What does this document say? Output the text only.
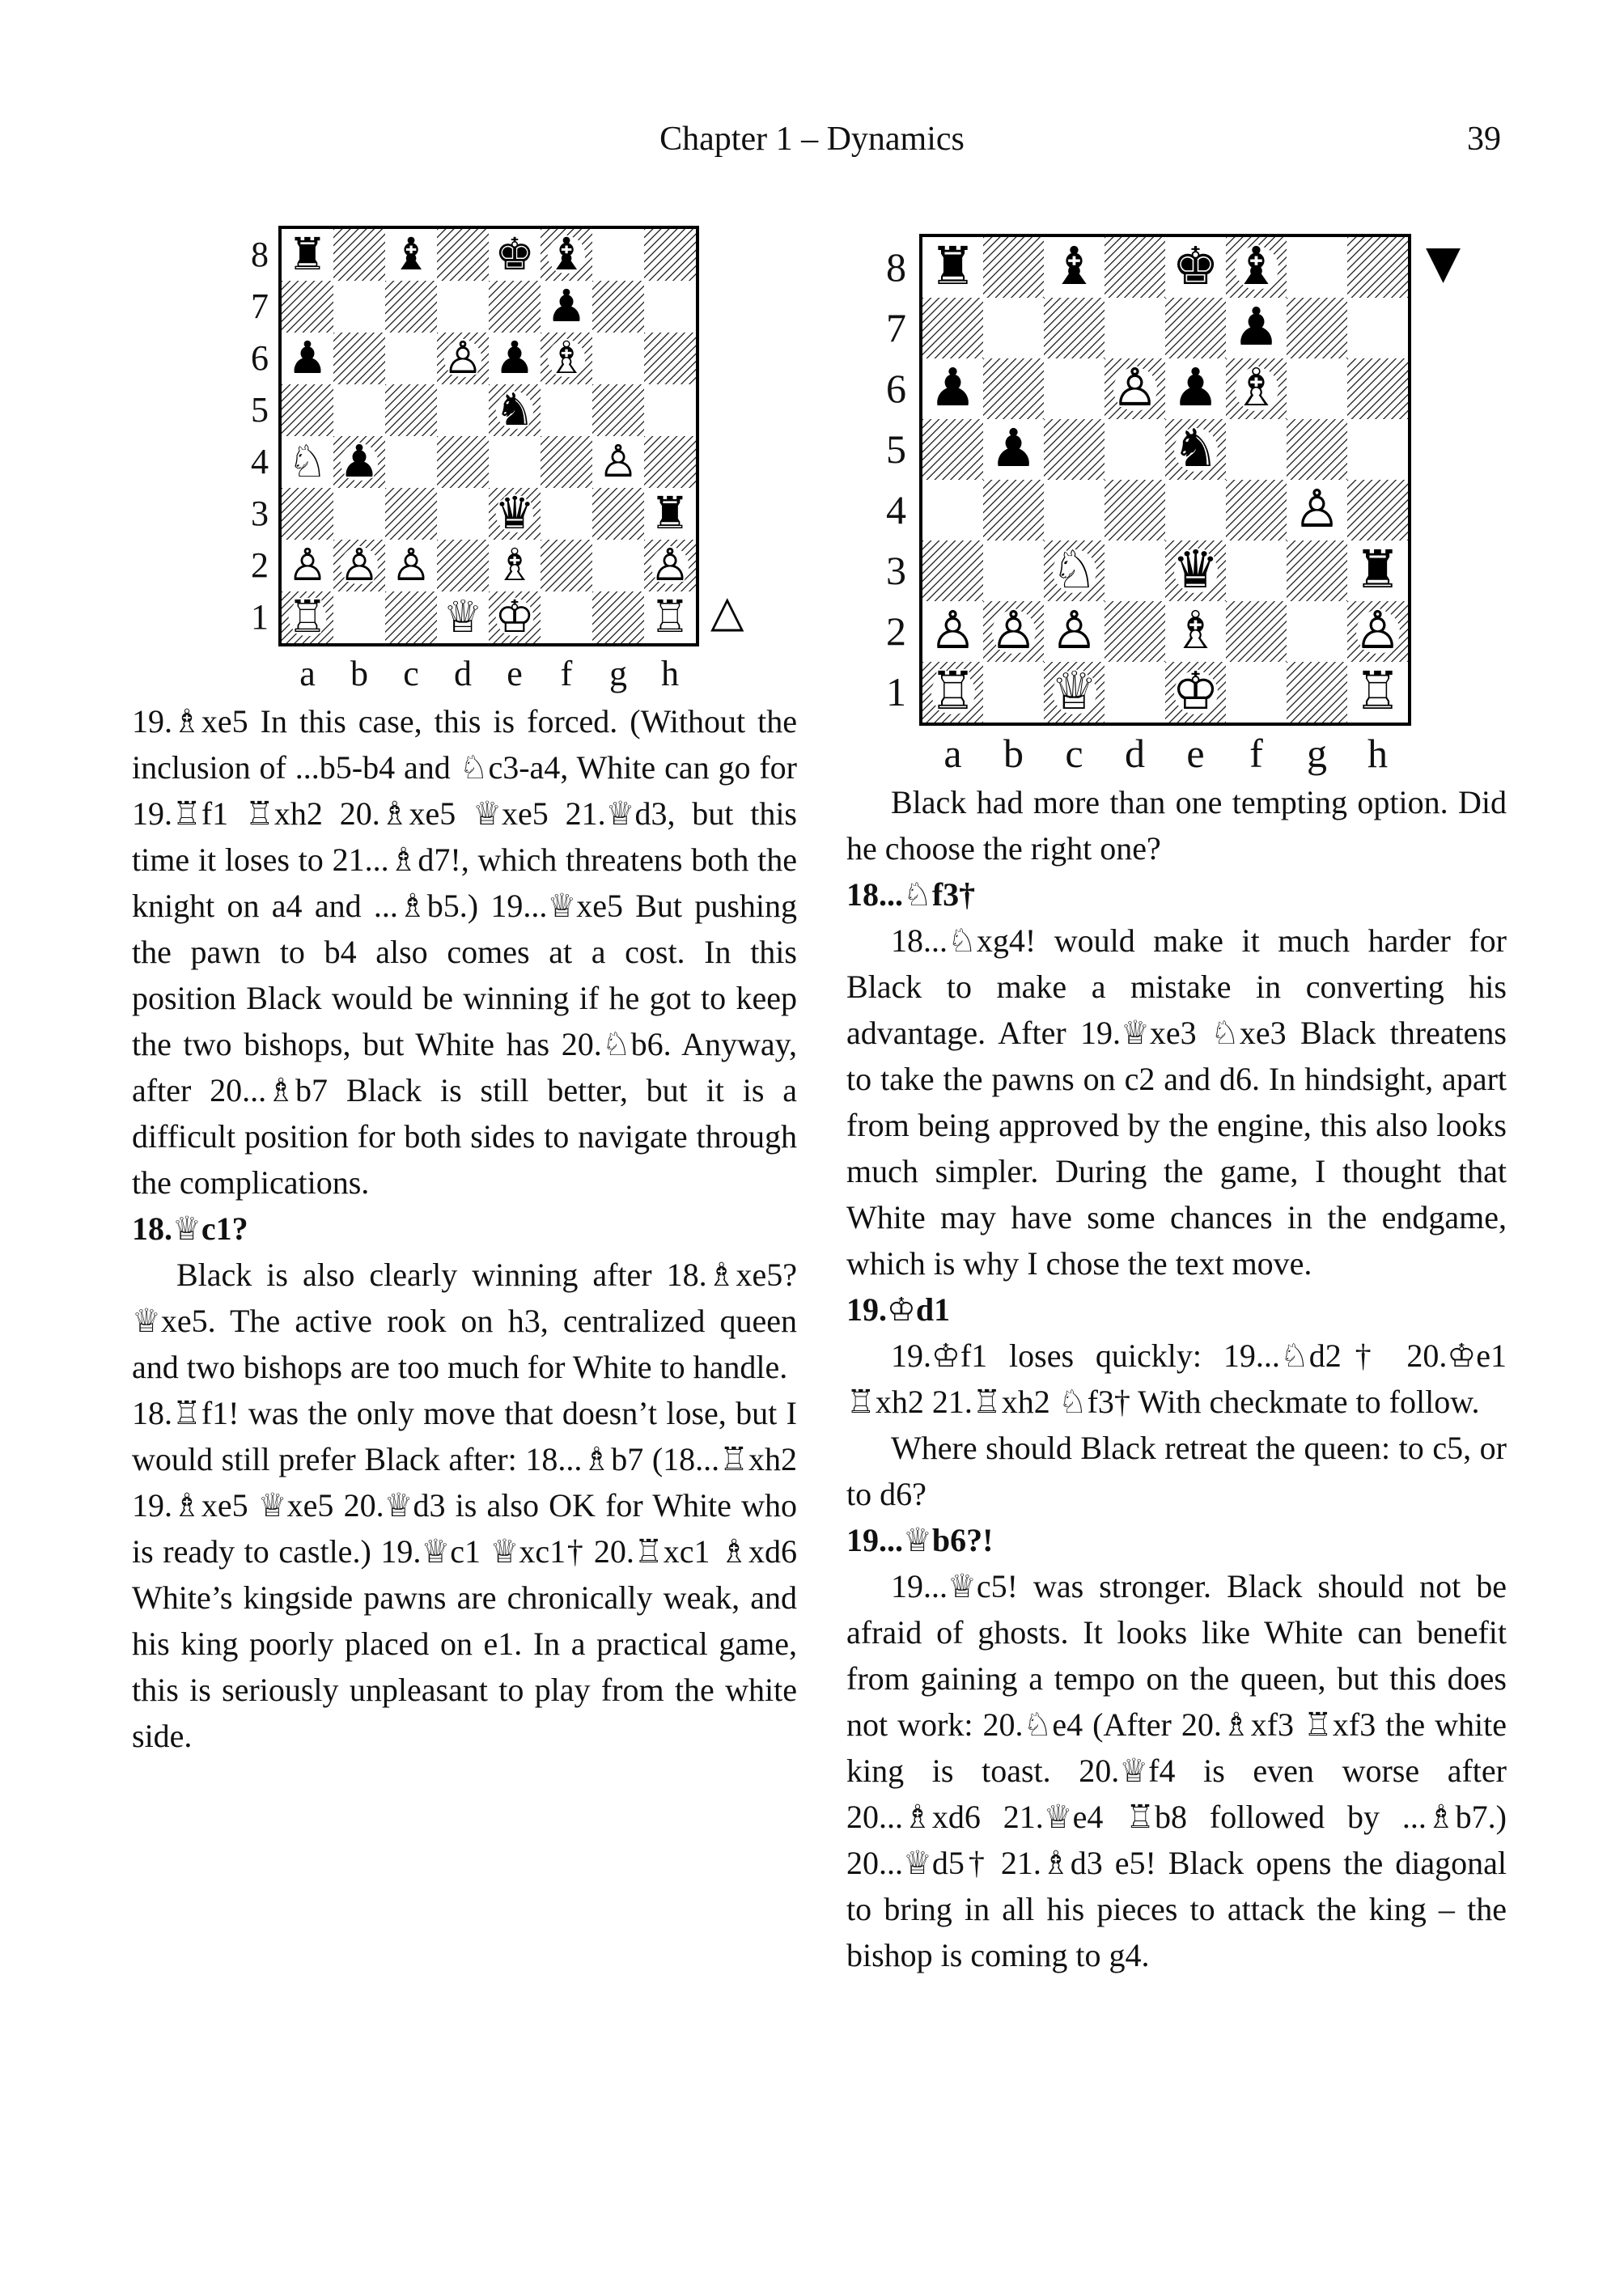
Chapter 1 – Dynamics	39
8
7
6
5
4
3
2
1
♜ ♝ ♚ ♝
♟
♟	♙ ♟ ♗
♞
♘ ♟	♙
♛	♜
♙ ♙ ♙ ♗	♙
♖	♕ ♔	♖
a b c d e	f	g h
△
8
7
6
5
4
3
2
1
♜ ♝ ♚ ♝
♟
♟	♙ ♟ ♗
♟	♞
♙
♘ ♛	♜
♙ ♙ ♙ ♗	♙
♖ ♕ ♔	♖
a	b	c	d	e	f	g	h
▼

19.♗xe5 In this case, this is forced. (Without the inclusion of ...b5-b4 and ♘c3-a4, White can go for 19.♖f1 ♖xh2 20.♗xe5 ♕xe5 21.♕d3, but this time it loses to 21...♗d7!, which threatens both the knight on a4 and ...♗b5.) 19...♕xe5 But pushing the pawn to b4 also comes at a cost. In this position Black would be winning if he got to keep the two bishops, but White has 20.♘b6. Anyway, after 20...♗b7 Black is still better, but it is a difficult position for both sides to navigate through the complications.

18.♕c1?

Black is also clearly winning after 18.♗xe5? ♕xe5. The active rook on h3, centralized queen and two bishops are too much for White to handle.

18.♖f1! was the only move that doesn’t lose, but I would still prefer Black after: 18...♗b7 (18...♖xh2 19.♗xe5 ♕xe5 20.♕d3 is also OK for White who is ready to castle.) 19.♕c1 ♕xc1† 20.♖xc1 ♗xd6 White’s kingside pawns are chronically weak, and his king poorly placed on e1. In a practical game, this is seriously unpleasant to play from the white side.

Black had more than one tempting option. Did he choose the right one?

18...♘f3†

18...♘xg4! would make it much harder for Black to make a mistake in converting his advantage. After 19.♕xe3 ♘xe3 Black threatens to take the pawns on c2 and d6. In hindsight, apart from being approved by the engine, this also looks much simpler. During the game, I thought that White may have some chances in the endgame, which is why I chose the text move.

19.♔d1

19.♔f1 loses quickly: 19...♘d2† 20.♔e1 ♖xh2 21.♖xh2 ♘f3† With checkmate to follow.

Where should Black retreat the queen: to c5, or to d6?

19...♕b6?!

19...♕c5! was stronger. Black should not be afraid of ghosts. It looks like White can benefit from gaining a tempo on the queen, but this does not work: 20.♘e4 (After 20.♗xf3 ♖xf3 the white king is toast. 20.♕f4 is even worse after 20...♗xd6 21.♕e4 ♖b8 followed by ...♗b7.) 20...♕d5† 21.♗d3 e5! Black opens the diagonal to bring in all his pieces to attack the king – the bishop is coming to g4.
